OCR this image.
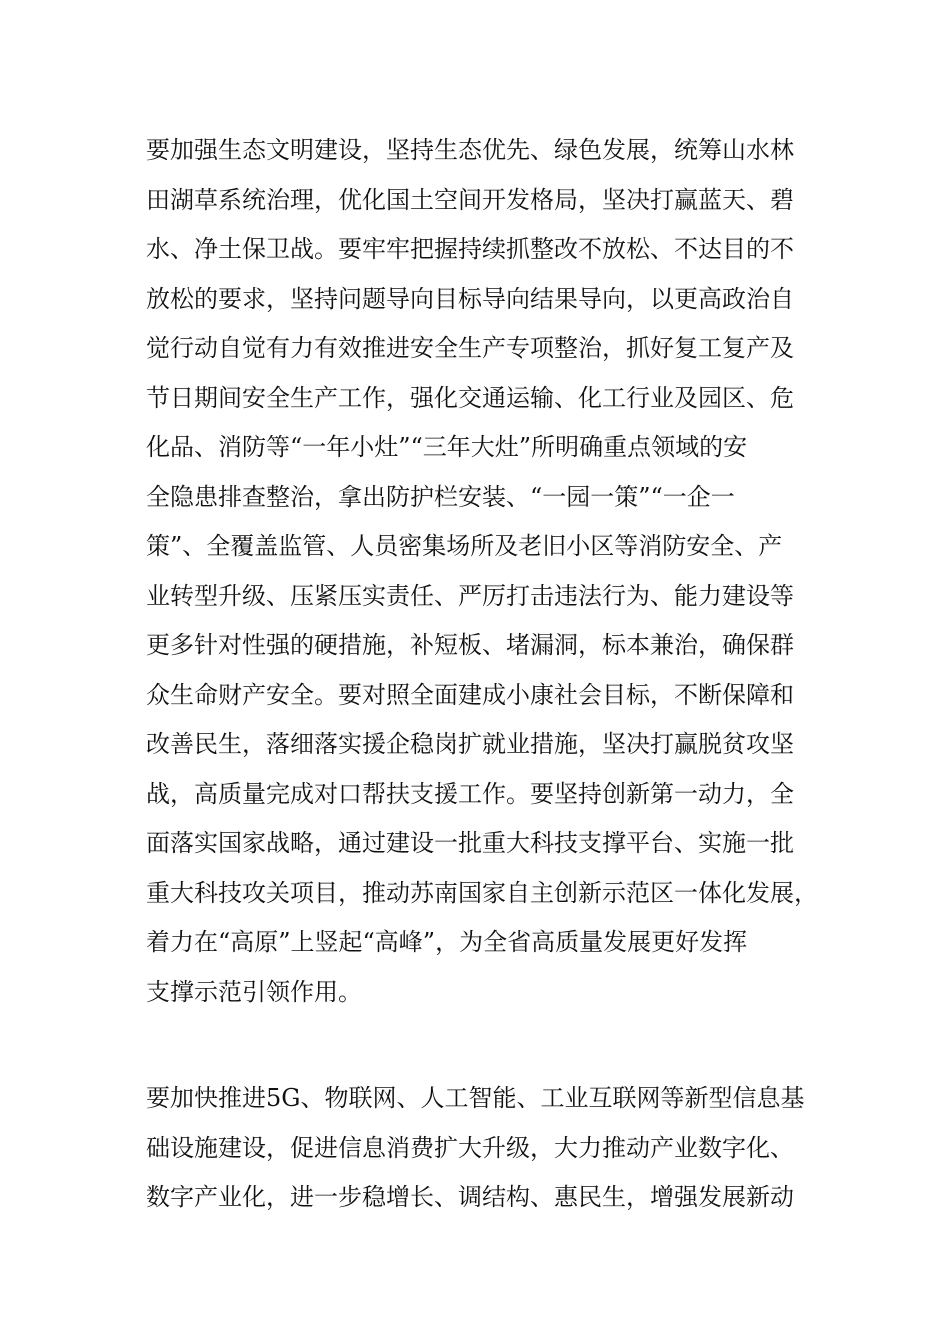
要加强生态文明建设，坚持生态优先、绿色发展，统筹山水林
田湖草系统治理，优化国土空间开发格局，坚决打赢蓝天、碧
水、净土保卫战。要牢牢把握持续抓整改不放松、不达目的不
放松的要求，坚持问题导向目标导向结果导向，以更高政治自
觉行动自觉有力有效推进安全生产专项整治，抓好复工复产及
节日期间安全生产工作，强化交通运输、化工行业及园区、危
化品、消防等“一年小灶”“三年大灶”所明确重点领域的安
全隐患排查整治，拿出防护栏安装、“一园一策”“一企一
策”、全覆盖监管、人员密集场所及老旧小区等消防安全、产
业转型升级、压紧压实责任、严厉打击违法行为、能力建设等
更多针对性强的硬措施，补短板、堵漏洞，标本兼治，确保群
众生命财产安全。要对照全面建成小康社会目标，不断保障和
改善民生，落细落实援企稳岗扩就业措施，坚决打赢脱贫攻坚
战，高质量完成对口帮扶支援工作。要坚持创新第一动力，全
面落实国家战略，通过建设一批重大科技支撑平台、实施一批
重大科技攻关项目，推动苏南国家自主创新示范区一体化发展，
着力在“高原”上竖起“高峰”，为全省高质量发展更好发挥
支撑示范引领作用。
要加快推进5G、物联网、人工智能、工业互联网等新型信息基
础设施建设，促进信息消费扩大升级，大力推动产业数字化、
数字产业化，进一步稳增长、调结构、惠民生，增强发展新动
